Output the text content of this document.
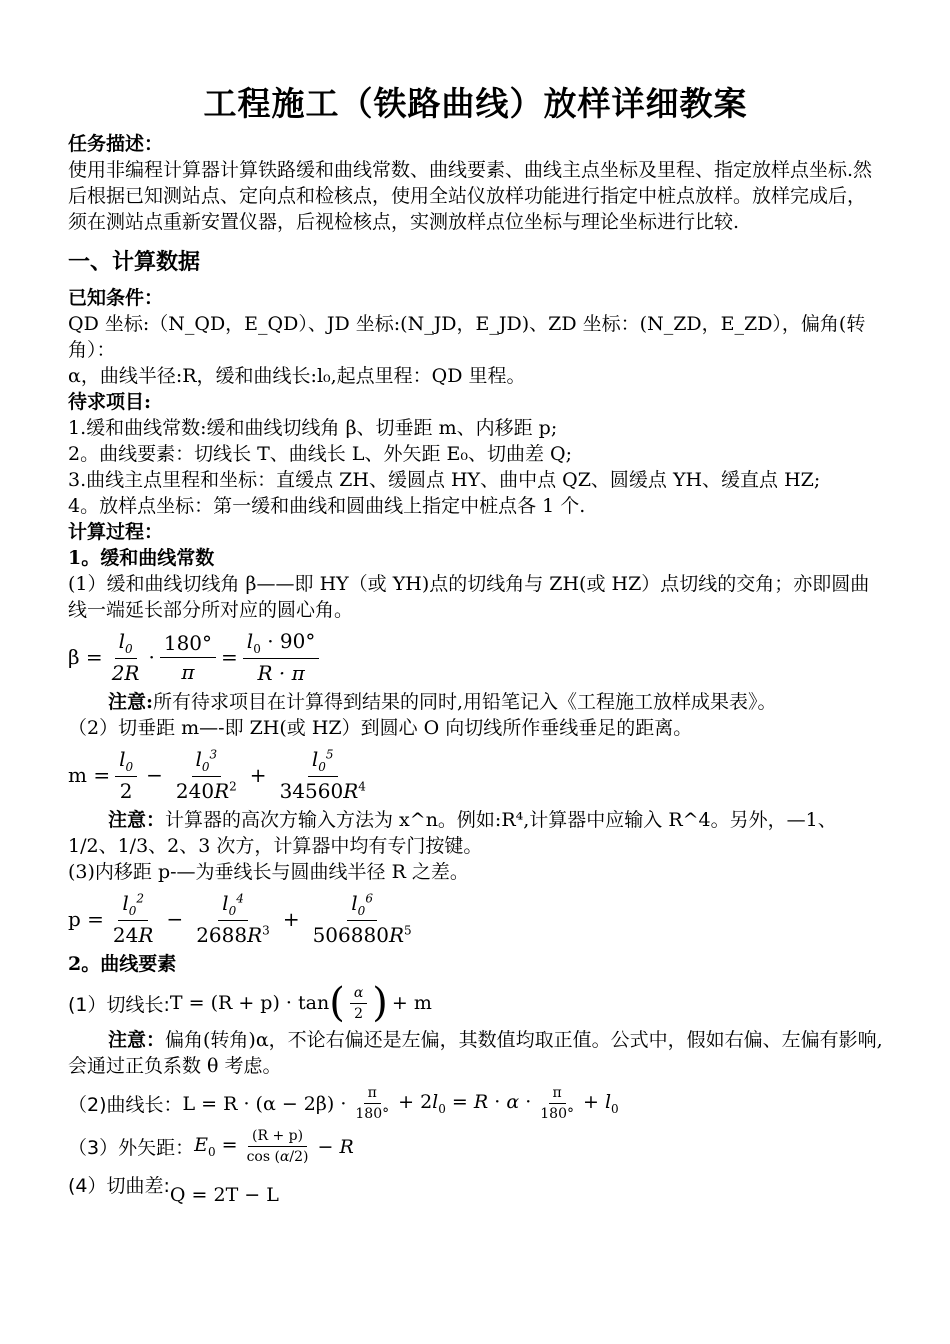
工程施工（铁路曲线）放样详细教案

任务描述：

使用非编程计算器计算铁路缓和曲线常数、曲线要素、曲线主点坐标及里程、指定放样点坐标.然后根据已知测站点、定向点和检核点，使用全站仪放样功能进行指定中桩点放样。放样完成后，须在测站点重新安置仪器，后视检核点，实测放样点位坐标与理论坐标进行比较.

一、计算数据

已知条件：

QD 坐标:（N_QD，E_QD）、JD 坐标:(N_JD，E_JD)、ZD 坐标：(N_ZD，E_ZD），偏角(转角）：

α，曲线半径:R，缓和曲线长:l₀,起点里程：QD 里程。

待求项目:

1.缓和曲线常数:缓和曲线切线角 β、切垂距 m、内移距 p;

2。曲线要素：切线长 T、曲线长 L、外矢距 E₀、切曲差 Q;

3.曲线主点里程和坐标：直缓点 ZH、缓圆点 HY、曲中点 QZ、圆缓点 YH、缓直点 HZ;

4。放样点坐标：第一缓和曲线和圆曲线上指定中桩点各 1 个.

计算过程：

1。缓和曲线常数

(1）缓和曲线切线角 β——即 HY（或 YH)点的切线角与 ZH(或 HZ）点切线的交角；亦即圆曲线一端延长部分所对应的圆心角。

$\beta = \frac{l_0}{2R} \cdot \frac{180^\circ}{\pi} = \frac{l_0 \cdot 90^\circ}{R \cdot \pi}$

注意:所有待求项目在计算得到结果的同时,用铅笔记入《工程施工放样成果表》。

（2）切垂距 m—-即 ZH(或 HZ）到圆心 O 向切线所作垂线垂足的距离。

$m = \frac{l_0}{2} - \frac{l_0^3}{240R^2} + \frac{l_0^5}{34560R^4}$

注意：计算器的高次方输入方法为 x^n。例如:R⁴,计算器中应输入 R^4。另外，—1、1/2、1/3、2、3 次方，计算器中均有专门按键。

(3)内移距 p-—为垂线长与圆曲线半径 R 之差。

$p = \frac{l_0^2}{24R} - \frac{l_0^4}{2688R^3} + \frac{l_0^6}{506880R^5}$

2。曲线要素

(1）切线长: T = (R + p) · tan ( $\frac{\alpha}{2}$ ) + m

注意：偏角(转角)α，不论右偏还是左偏，其数值均取正值。公式中，假如右偏、左偏有影响,会通过正负系数 θ 考虑。

（2)曲线长： $L = R \cdot (\alpha - 2\beta) \cdot \frac{\pi}{180^\circ} + 2l_0 = R \cdot \alpha \cdot \frac{\pi}{180^\circ} + l_0$
（3）外矢距： $E_0 = \frac{(R + p)}{\cos (\alpha/2)} - R$
(4）切曲差: Q = 2T − L
